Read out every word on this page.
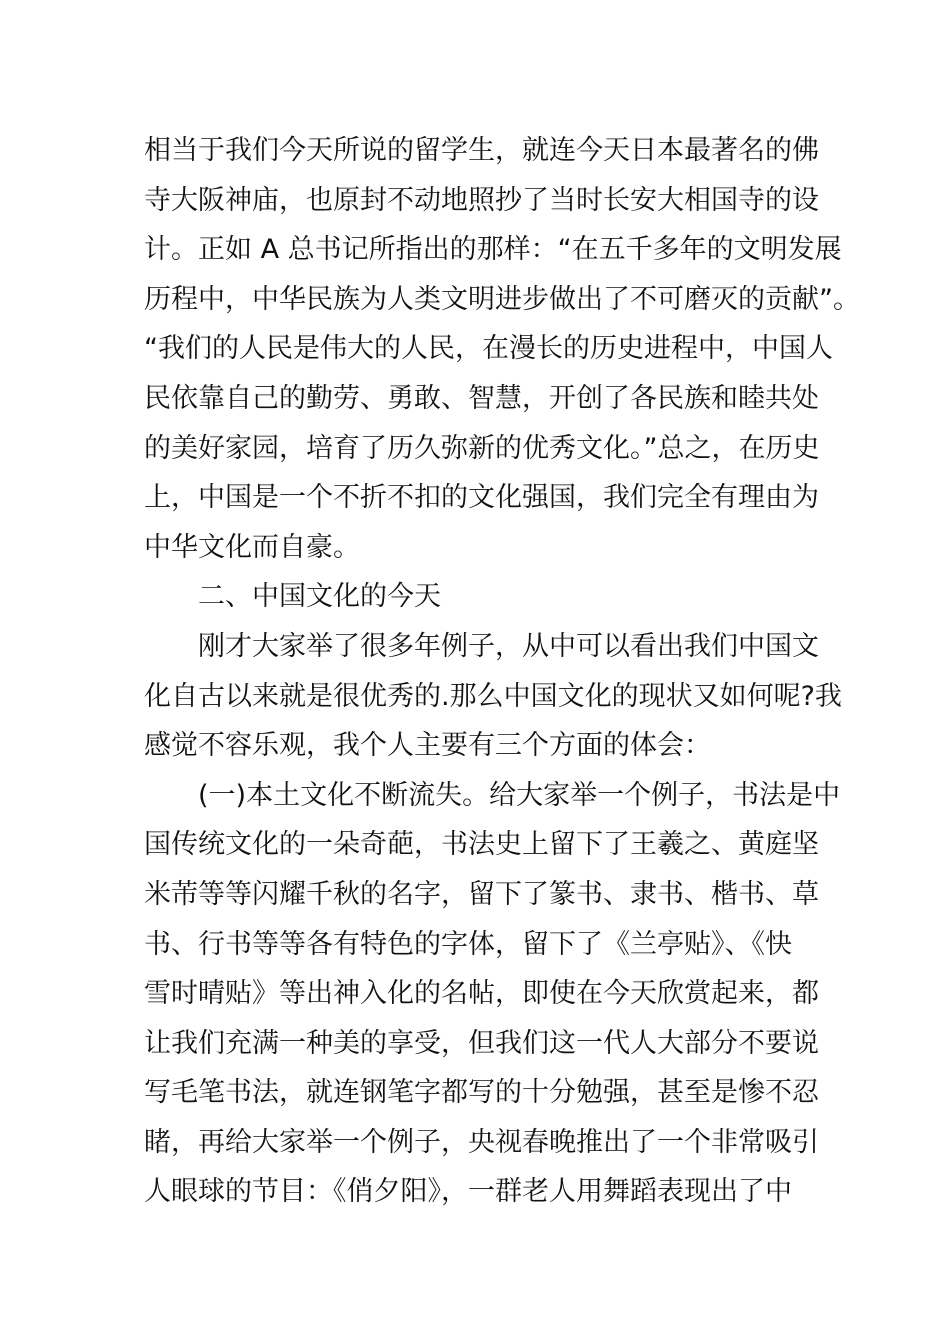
相当于我们今天所说的留学生，就连今天日本最著名的佛
寺大阪神庙，也原封不动地照抄了当时长安大相国寺的设
计。正如 A 总书记所指出的那样：“在五千多年的文明发展
历程中，中华民族为人类文明进步做出了不可磨灭的贡献”。
“我们的人民是伟大的人民，在漫长的历史进程中，中国人
民依靠自己的勤劳、勇敢、智慧，开创了各民族和睦共处
的美好家园，培育了历久弥新的优秀文化。”总之，在历史
上，中国是一个不折不扣的文化强国，我们完全有理由为
中华文化而自豪。
二、中国文化的今天
刚才大家举了很多年例子，从中可以看出我们中国文
化自古以来就是很优秀的.那么中国文化的现状又如何呢?我
感觉不容乐观，我个人主要有三个方面的体会：
(一)本土文化不断流失。给大家举一个例子，书法是中
国传统文化的一朵奇葩，书法史上留下了王羲之、黄庭坚
米芾等等闪耀千秋的名字，留下了篆书、隶书、楷书、草
书、行书等等各有特色的字体，留下了《兰亭贴》、《快
雪时晴贴》等出神入化的名帖，即使在今天欣赏起来，都
让我们充满一种美的享受，但我们这一代人大部分不要说
写毛笔书法，就连钢笔字都写的十分勉强，甚至是惨不忍
睹，再给大家举一个例子，央视春晚推出了一个非常吸引
人眼球的节目：《俏夕阳》，一群老人用舞蹈表现出了中
